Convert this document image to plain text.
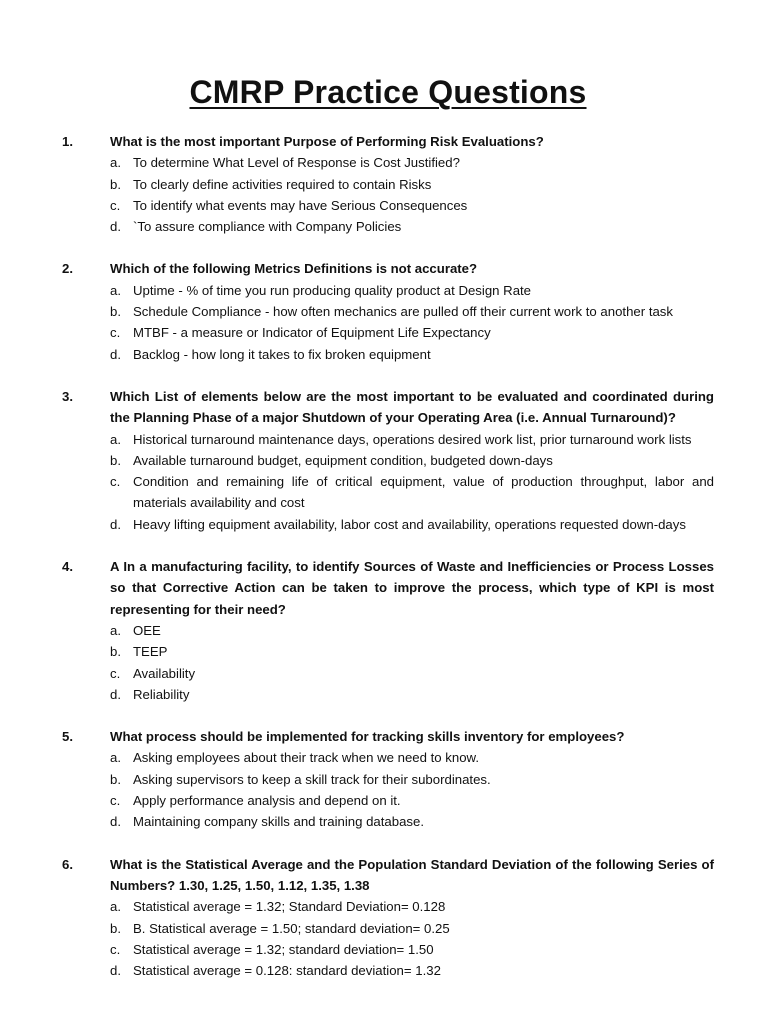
CMRP Practice Questions
1.	What is the most important Purpose of Performing Risk Evaluations?
a. To determine What Level of Response is Cost Justified?
b. To clearly define activities required to contain Risks
c. To identify what events may have Serious Consequences
d. `To assure compliance with Company Policies
2.	Which of the following Metrics Definitions is not accurate?
a. Uptime - % of time you run producing quality product at Design Rate
b. Schedule Compliance - how often mechanics are pulled off their current work to another task
c. MTBF - a measure or Indicator of Equipment Life Expectancy
d. Backlog - how long it takes to fix broken equipment
3.	Which List of elements below are the most important to be evaluated and coordinated during the Planning Phase of a major Shutdown of your Operating Area (i.e. Annual Turnaround)?
a. Historical turnaround maintenance days, operations desired work list, prior turnaround work lists
b. Available turnaround budget, equipment condition, budgeted down-days
c. Condition and remaining life of critical equipment, value of production throughput, labor and materials availability and cost
d. Heavy lifting equipment availability, labor cost and availability, operations requested down-days
4.	A In a manufacturing facility, to identify Sources of Waste and Inefficiencies or Process Losses so that Corrective Action can be taken to improve the process, which type of KPI is most representing for their need?
a. OEE
b. TEEP
c. Availability
d. Reliability
5.	What process should be implemented for tracking skills inventory for employees?
a. Asking employees about their track when we need to know.
b. Asking supervisors to keep a skill track for their subordinates.
c. Apply performance analysis and depend on it.
d. Maintaining company skills and training database.
6.	What is the Statistical Average and the Population Standard Deviation of the following Series of Numbers? 1.30, 1.25, 1.50, 1.12, 1.35, 1.38
a. Statistical average = 1.32; Standard Deviation= 0.128
b. B. Statistical average = 1.50; standard deviation= 0.25
c. Statistical average = 1.32; standard deviation= 1.50
d. Statistical average = 0.128: standard deviation= 1.32
